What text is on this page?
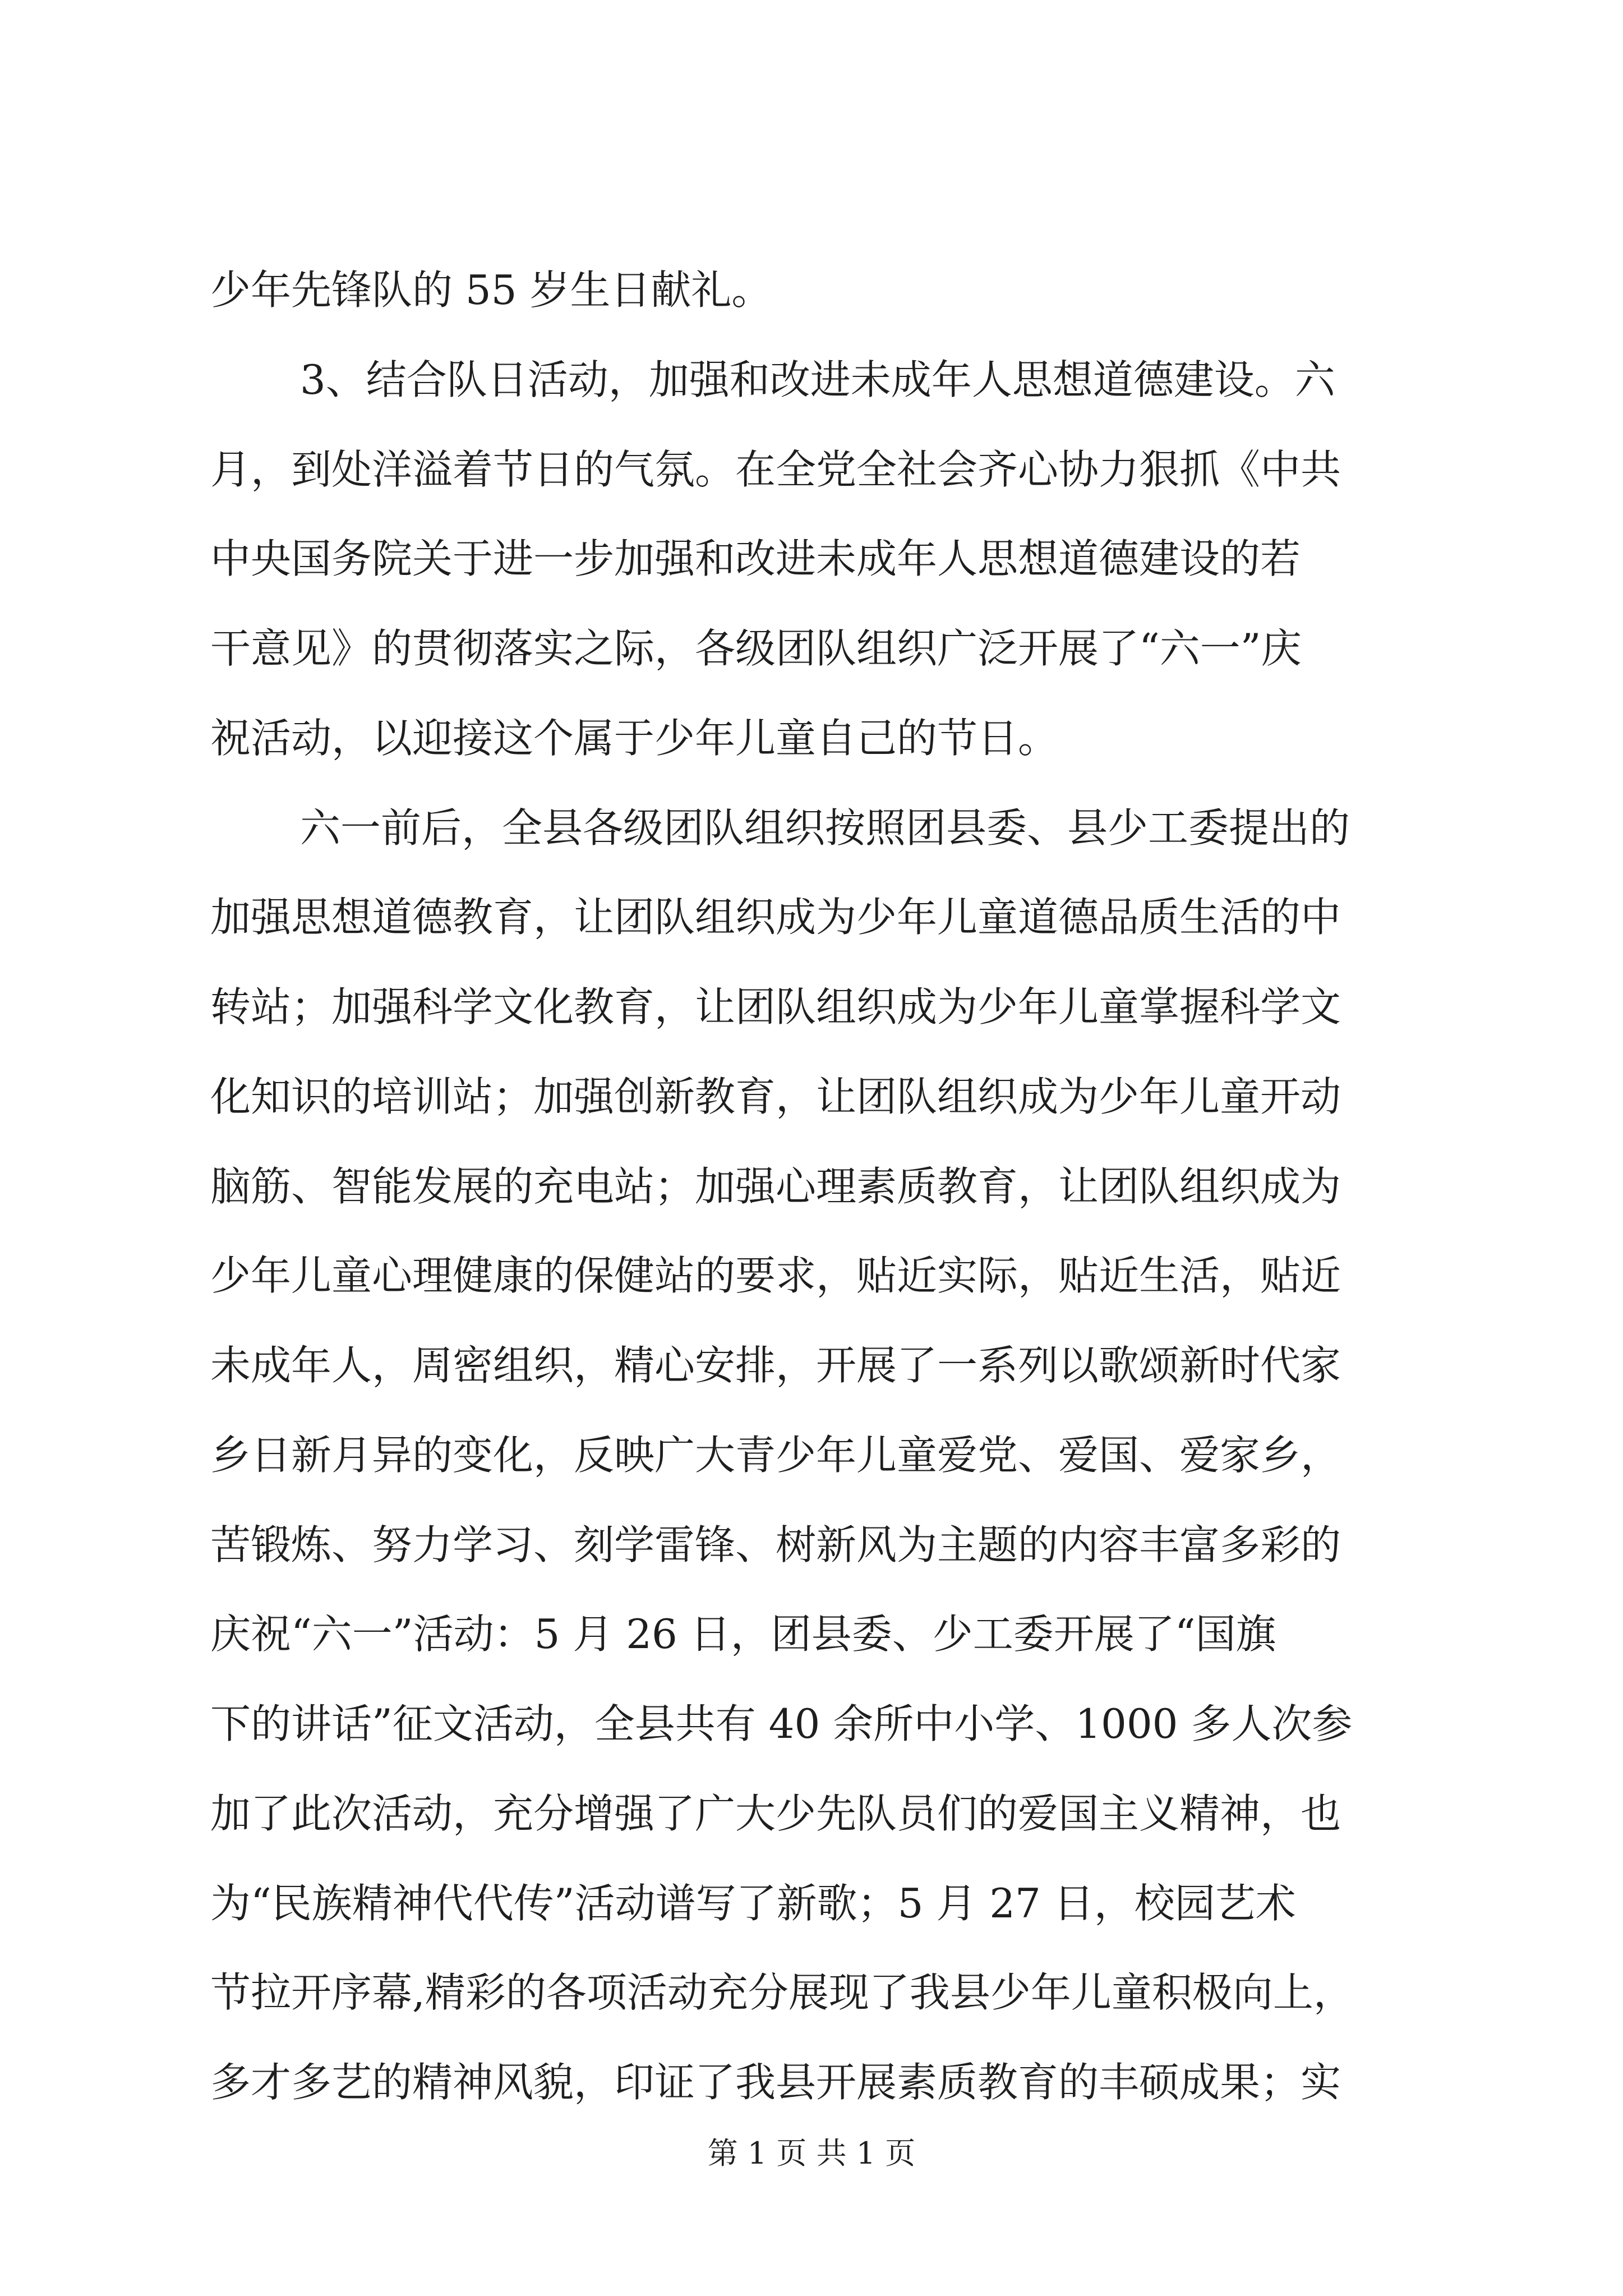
少年先锋队的 55 岁生日献礼。
3、结合队日活动，加强和改进未成年人思想道德建设。六
月，到处洋溢着节日的气氛。在全党全社会齐心协力狠抓《中共
中央国务院关于进一步加强和改进未成年人思想道德建设的若
干意见》的贯彻落实之际，各级团队组织广泛开展了“六一”庆
祝活动，以迎接这个属于少年儿童自己的节日。
六一前后，全县各级团队组织按照团县委、县少工委提出的
加强思想道德教育，让团队组织成为少年儿童道德品质生活的中
转站；加强科学文化教育，让团队组织成为少年儿童掌握科学文
化知识的培训站；加强创新教育，让团队组织成为少年儿童开动
脑筋、智能发展的充电站；加强心理素质教育，让团队组织成为
少年儿童心理健康的保健站的要求，贴近实际，贴近生活，贴近
未成年人，周密组织，精心安排，开展了一系列以歌颂新时代家
乡日新月异的变化，反映广大青少年儿童爱党、爱国、爱家乡，
苦锻炼、努力学习、刻学雷锋、树新风为主题的内容丰富多彩的
庆祝“六一”活动：5 月 26 日，团县委、少工委开展了“国旗
下的讲话”征文活动，全县共有 40 余所中小学、1000 多人次参
加了此次活动，充分增强了广大少先队员们的爱国主义精神，也
为“民族精神代代传”活动谱写了新歌；5 月 27 日，校园艺术
节拉开序幕,精彩的各项活动充分展现了我县少年儿童积极向上，
多才多艺的精神风貌，印证了我县开展素质教育的丰硕成果；实
第 1 页 共 1 页
